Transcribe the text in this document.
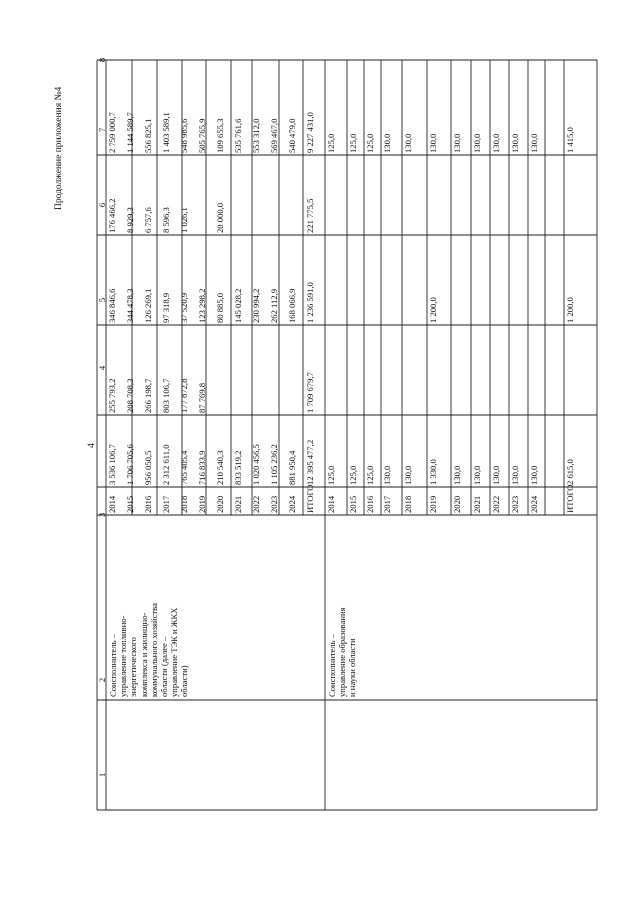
Продолжение приложения №4
4
1
2
3
4
5
6
7
8
Соисполнитель – управление топливно-энергетического комплекса и жилищно-коммунального хозяйства области (далее – управление ТЭК и ЖКХ области)	Соисполнитель – управление образования и науки области
2014
3 536 106,7
255 793,2
346 846,6
176 466,2
2 759 000,7
2015
1 706 705,6
208 708,3
344 478,3
8 929,3
1 144 589,7
2016
956 050,5
266 198,7
126 269,1
6 757,6
556 825,1
2017
2 312 611,0
803 106,7
97 318,9
8 596,3
1 403 589,1
2018
765 405,4
177 872,8
37 520,9
1 026,1
548 985,6
2019
716 833,9
87 769,8
123 298,2
505 765,9
2020
210 540,3
80 885,0
20 000,0
109 655,3
2021
833 519,2
145 028,2
535 761,6
2022
1 020 456,5
230 994,2
553 312,0
2023
1 105 236,2
262 112,9
569 467,0
2024
881 950,4
168 066,9
540 479,0
ИТОГО
12 395 477,2
1 709 679,7
1 236 591,0
221 775,5
9 227 431,0
2014
125,0
125,0
2015
125,0
125,0
2016
125,0
125,0
2017
130,0
130,0
2018
130,0
130,0
2019
1 330,0
1 200,0
130,0
2020
130,0
130,0
2021
130,0
130,0
2022
130,0
130,0
2023
130,0
130,0
2024
130,0
130,0
ИТОГО
2 615,0
1 200,0
1 415,0
